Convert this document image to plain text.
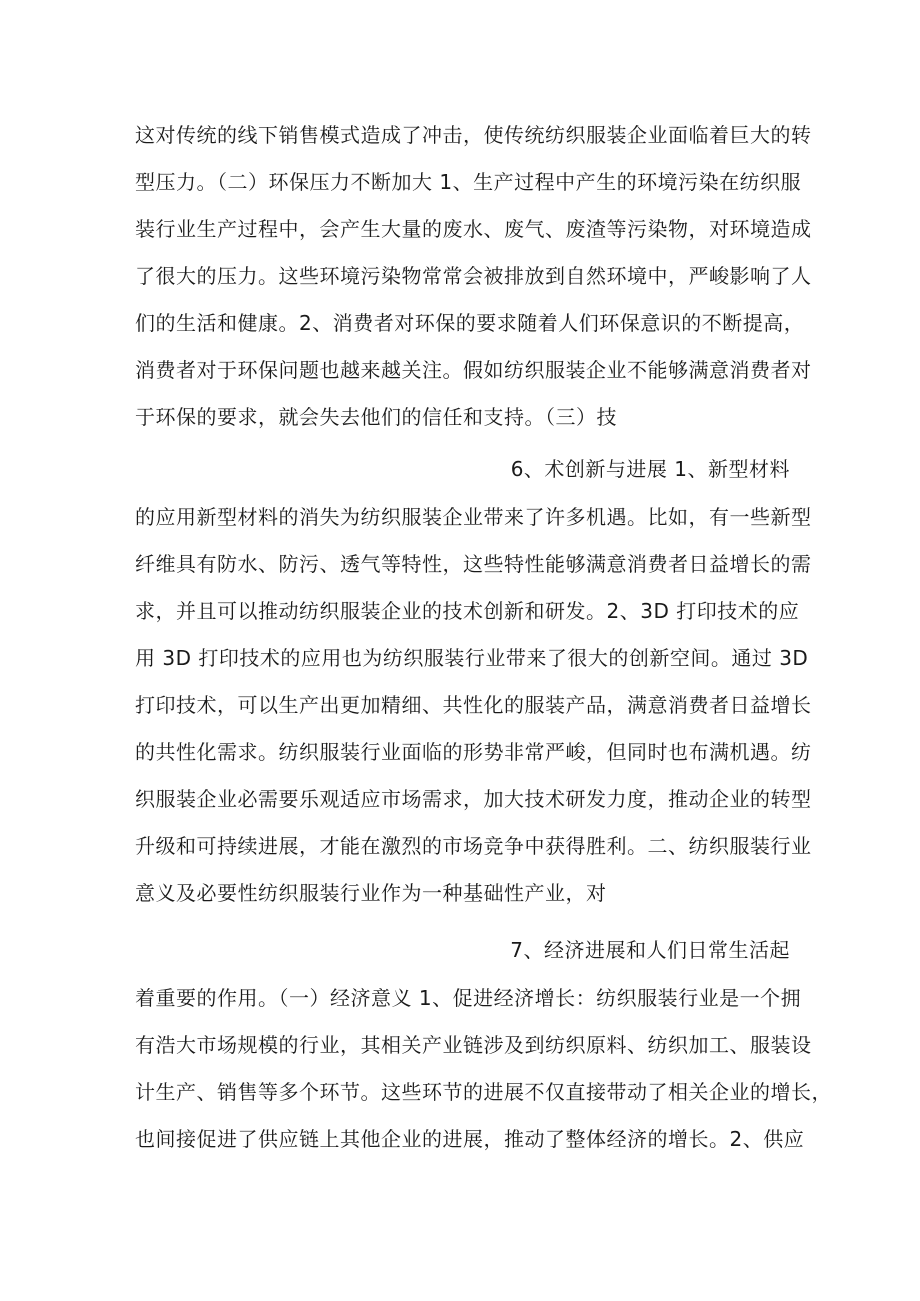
这对传统的线下销售模式造成了冲击，使传统纺织服装企业面临着巨大的转
型压力。（二）环保压力不断加大 1、生产过程中产生的环境污染在纺织服
装行业生产过程中，会产生大量的废水、废气、废渣等污染物，对环境造成
了很大的压力。这些环境污染物常常会被排放到自然环境中，严峻影响了人
们的生活和健康。2、消费者对环保的要求随着人们环保意识的不断提高，
消费者对于环保问题也越来越关注。假如纺织服装企业不能够满意消费者对
于环保的要求，就会失去他们的信任和支持。（三）技
6、术创新与进展 1、新型材料
的应用新型材料的消失为纺织服装企业带来了许多机遇。比如，有一些新型
纤维具有防水、防污、透气等特性，这些特性能够满意消费者日益增长的需
求，并且可以推动纺织服装企业的技术创新和研发。2、3D 打印技术的应
用 3D 打印技术的应用也为纺织服装行业带来了很大的创新空间。通过 3D
打印技术，可以生产出更加精细、共性化的服装产品，满意消费者日益增长
的共性化需求。纺织服装行业面临的形势非常严峻，但同时也布满机遇。纺
织服装企业必需要乐观适应市场需求，加大技术研发力度，推动企业的转型
升级和可持续进展，才能在激烈的市场竞争中获得胜利。二、纺织服装行业
意义及必要性纺织服装行业作为一种基础性产业，对
7、经济进展和人们日常生活起
着重要的作用。（一）经济意义 1、促进经济增长：纺织服装行业是一个拥
有浩大市场规模的行业，其相关产业链涉及到纺织原料、纺织加工、服装设
计生产、销售等多个环节。这些环节的进展不仅直接带动了相关企业的增长，
也间接促进了供应链上其他企业的进展，推动了整体经济的增长。2、供应
